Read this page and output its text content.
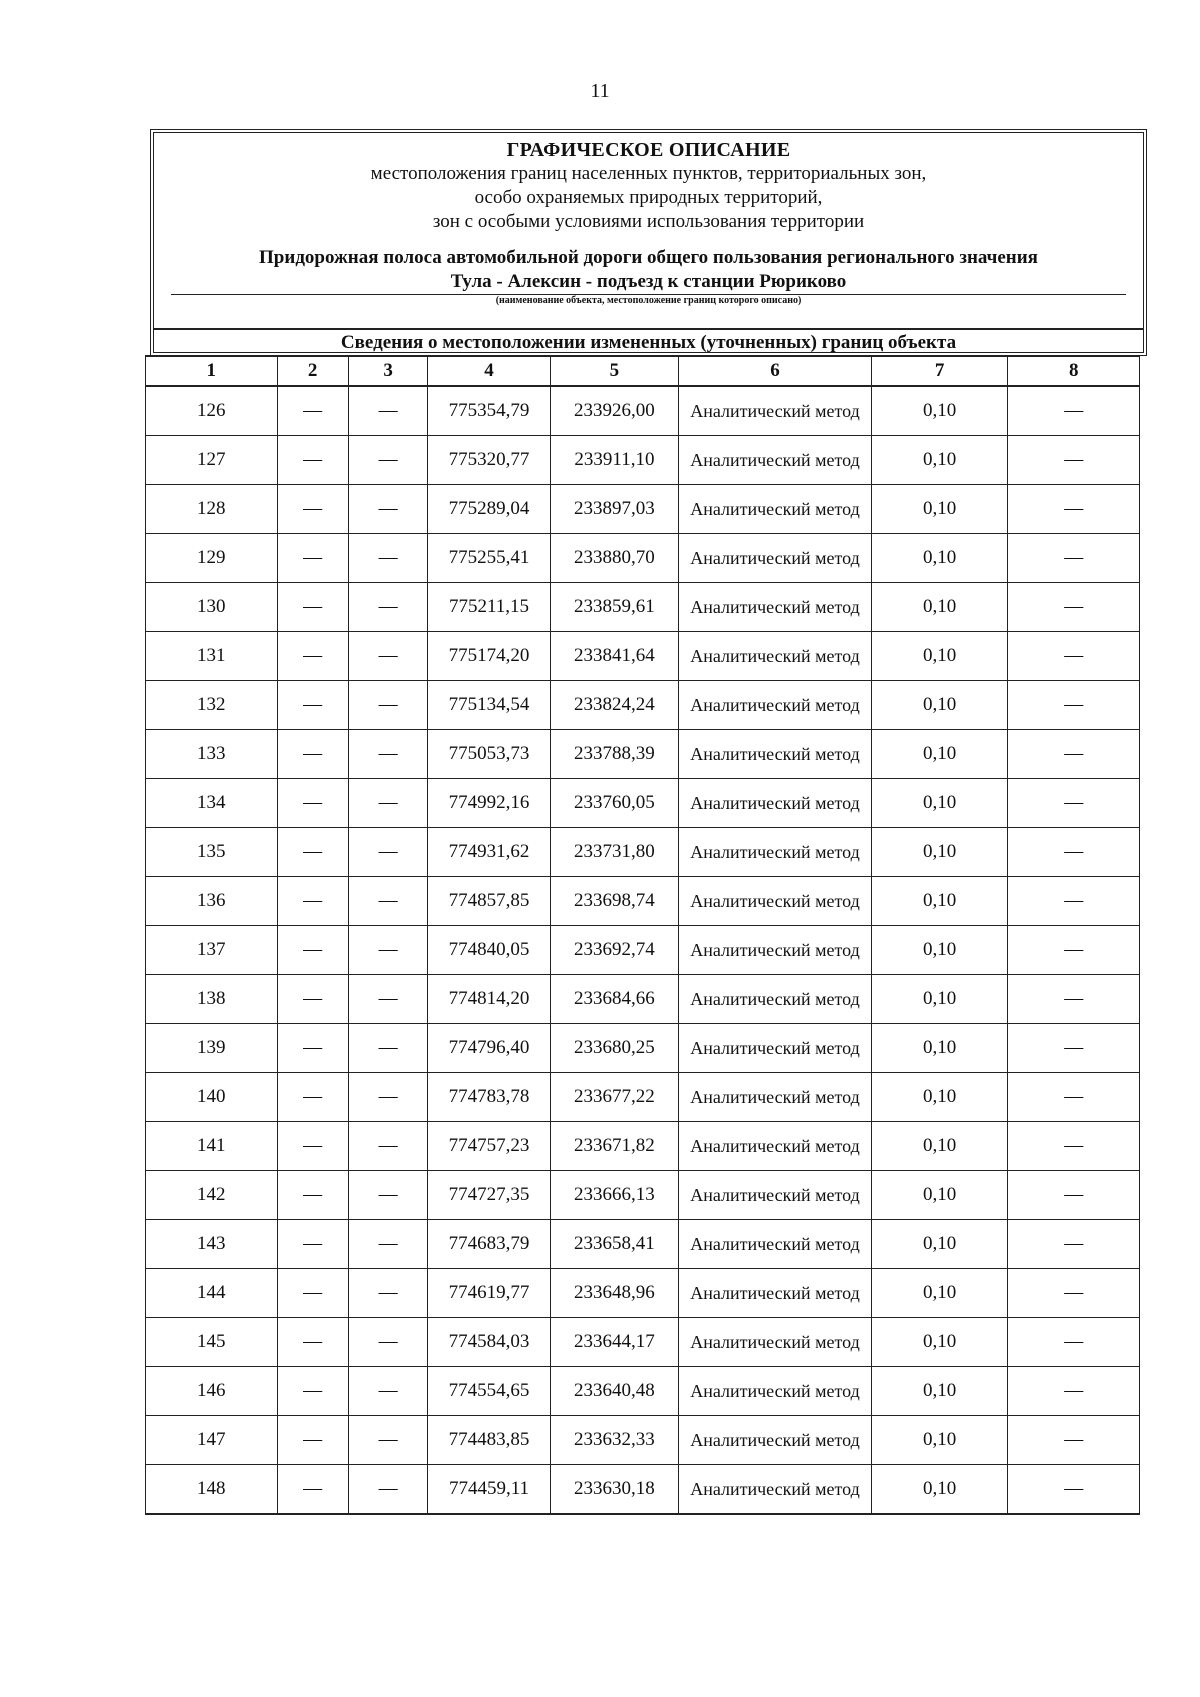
11
ГРАФИЧЕСКОЕ ОПИСАНИЕ
местоположения границ населенных пунктов, территориальных зон,
особо охраняемых природных территорий,
зон с особыми условиями использования территории
Придорожная полоса автомобильной дороги общего пользования регионального значения
Тула - Алексин - подъезд к станции Рюриково
(наименование объекта, местоположение границ которого описано)
Сведения о местоположении измененных (уточненных) границ объекта
1	2	3	4	5	6	7	8
126	—	—	775354,79	233926,00	Аналитический метод	0,10	—
127	—	—	775320,77	233911,10	Аналитический метод	0,10	—
128	—	—	775289,04	233897,03	Аналитический метод	0,10	—
129	—	—	775255,41	233880,70	Аналитический метод	0,10	—
130	—	—	775211,15	233859,61	Аналитический метод	0,10	—
131	—	—	775174,20	233841,64	Аналитический метод	0,10	—
132	—	—	775134,54	233824,24	Аналитический метод	0,10	—
133	—	—	775053,73	233788,39	Аналитический метод	0,10	—
134	—	—	774992,16	233760,05	Аналитический метод	0,10	—
135	—	—	774931,62	233731,80	Аналитический метод	0,10	—
136	—	—	774857,85	233698,74	Аналитический метод	0,10	—
137	—	—	774840,05	233692,74	Аналитический метод	0,10	—
138	—	—	774814,20	233684,66	Аналитический метод	0,10	—
139	—	—	774796,40	233680,25	Аналитический метод	0,10	—
140	—	—	774783,78	233677,22	Аналитический метод	0,10	—
141	—	—	774757,23	233671,82	Аналитический метод	0,10	—
142	—	—	774727,35	233666,13	Аналитический метод	0,10	—
143	—	—	774683,79	233658,41	Аналитический метод	0,10	—
144	—	—	774619,77	233648,96	Аналитический метод	0,10	—
145	—	—	774584,03	233644,17	Аналитический метод	0,10	—
146	—	—	774554,65	233640,48	Аналитический метод	0,10	—
147	—	—	774483,85	233632,33	Аналитический метод	0,10	—
148	—	—	774459,11	233630,18	Аналитический метод	0,10	—
